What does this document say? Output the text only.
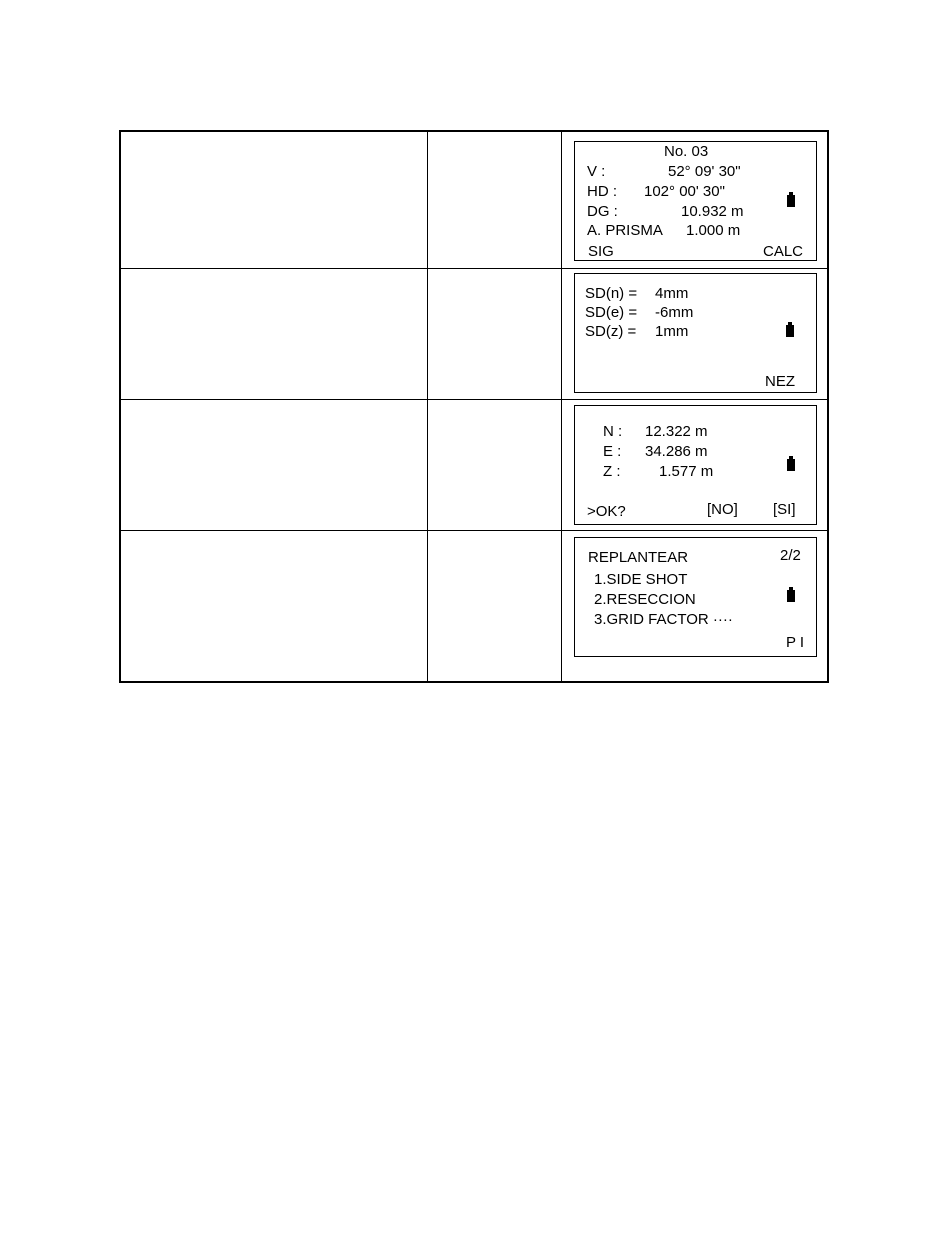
No. 03
V :	52° 09' 30"
HD : 102° 00' 30"
DG :	10.932 m
A. PRISMA 1.000 m
SIG	CALC
SD(n) = 4mm
SD(e) = -6mm
SD(z) = 1mm
NEZ
N : 12.322 m
E : 34.286 m
Z :	1.577 m
>OK?	[NO] [SI]
REPLANTEAR	2/2
1.SIDE SHOT
2.RESECCION
3.GRID FACTOR ····
P I
